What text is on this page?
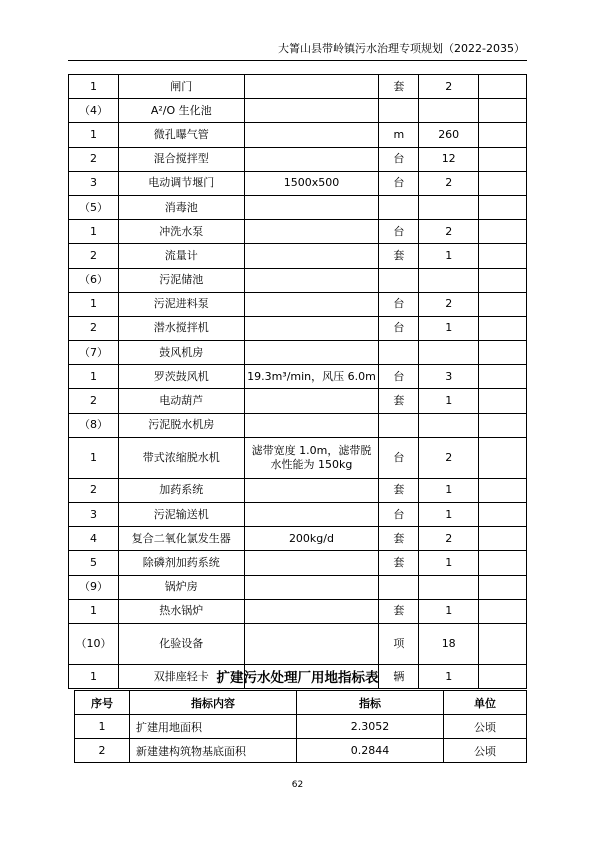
大箐山县带岭镇污水治理专项规划（2022-2035）
1	闸门		套	2	
（4）	A²/O 生化池				
1	微孔曝气管		m	260	
2	混合搅拌型		台	12	
3	电动调节堰门	1500x500	台	2	
（5）	消毒池				
1	冲洗水泵		台	2	
2	流量计		套	1	
（6）	污泥储池				
1	污泥进料泵		台	2	
2	潜水搅拌机		台	1	
（7）	鼓风机房				
1	罗茨鼓风机	19.3m³/min，风压 6.0m	台	3	
2	电动葫芦		套	1	
（8）	污泥脱水机房				
1	带式浓缩脱水机	滤带宽度 1.0m，滤带脱水性能为 150kg	台	2	
2	加药系统		套	1	
3	污泥输送机		台	1	
4	复合二氧化氯发生器	200kg/d	套	2	
5	除磷剂加药系统		套	1	
（9）	锅炉房				
1	热水锅炉		套	1	
（10）	化验设备		项	18	
1	双排座轻卡		辆	1	
扩建污水处理厂用地指标表
序号	指标内容	指标	单位
1	扩建用地面积	2.3052	公顷
2	新建建构筑物基底面积	0.2844	公顷
62
